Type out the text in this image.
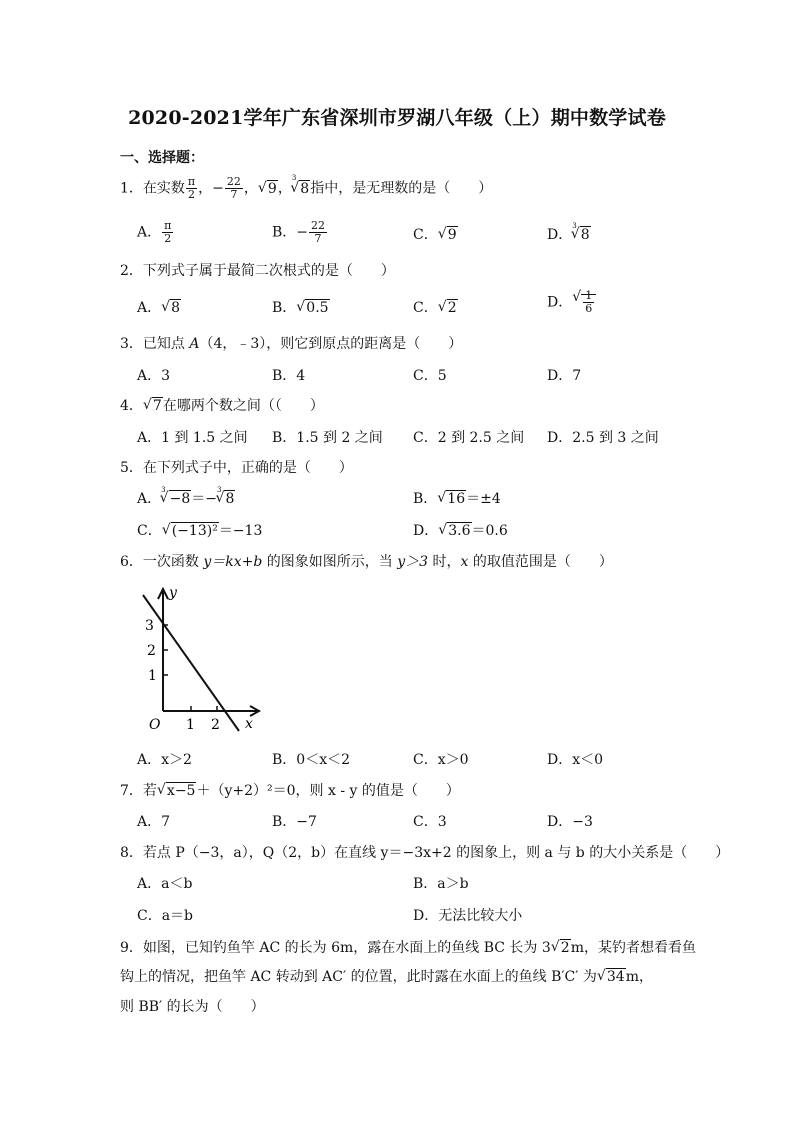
2020-2021学年广东省深圳市罗湖八年级（上）期中数学试卷
一、选择题：
1．在实数 $\frac{\pi}{2}$ ，− $\frac{22}{7}$ ， √ 9，$^3$√ 8指中，是无理数的是（　　）
A． $\frac{\pi}{2}$	B．− $\frac{22}{7}$	C． √ 9	D．$^3$√ 8
2．下列式子属于最简二次根式的是（　　）
A． √ 8	B． √ 0.5	C． √ 2	D． √ $\frac{1}{6}$
3．已知点 A（4，﹣3），则它到原点的距离是（　　）
A．3	B．4	C．5	D．7
4． √ 7在哪两个数之间（（　　）
A．1 到 1.5 之间 B．1.5 到 2 之间 C．2 到 2.5 之间 D．2.5 到 3 之间
5．在下列式子中，正确的是（　　）
A．$^3$√ −8＝−$^3$√ 8	B． √ 16＝±4
C． √ (−13)²＝−13	D． √ 3.6＝0.6
6．一次函数 y＝kx+b 的图象如图所示，当 y＞3 时，x 的取值范围是（　　）
y
x
O
1
2
3
1 2
A．x＞2	B．0＜x＜2	C．x＞0	D．x＜0
7．若 √ x−5＋（y+2）²＝0，则 x - y 的值是（　　）
A．7	B．−7	C．3	D．−3
8．若点 P（−3，a），Q（2，b）在直线 y＝−3x+2 的图象上，则 a 与 b 的大小关系是（　　）
A．a＜b	B．a＞b
C．a＝b	D．无法比较大小
9．如图，已知钓鱼竿 AC 的长为 6m，露在水面上的鱼线 BC 长为 3 √ 2m，某钓者想看看鱼
钩上的情况，把鱼竿 AC 转动到 AC′ 的位置，此时露在水面上的鱼线 B′C′ 为 √ 34m，
则 BB′ 的长为（　　）
